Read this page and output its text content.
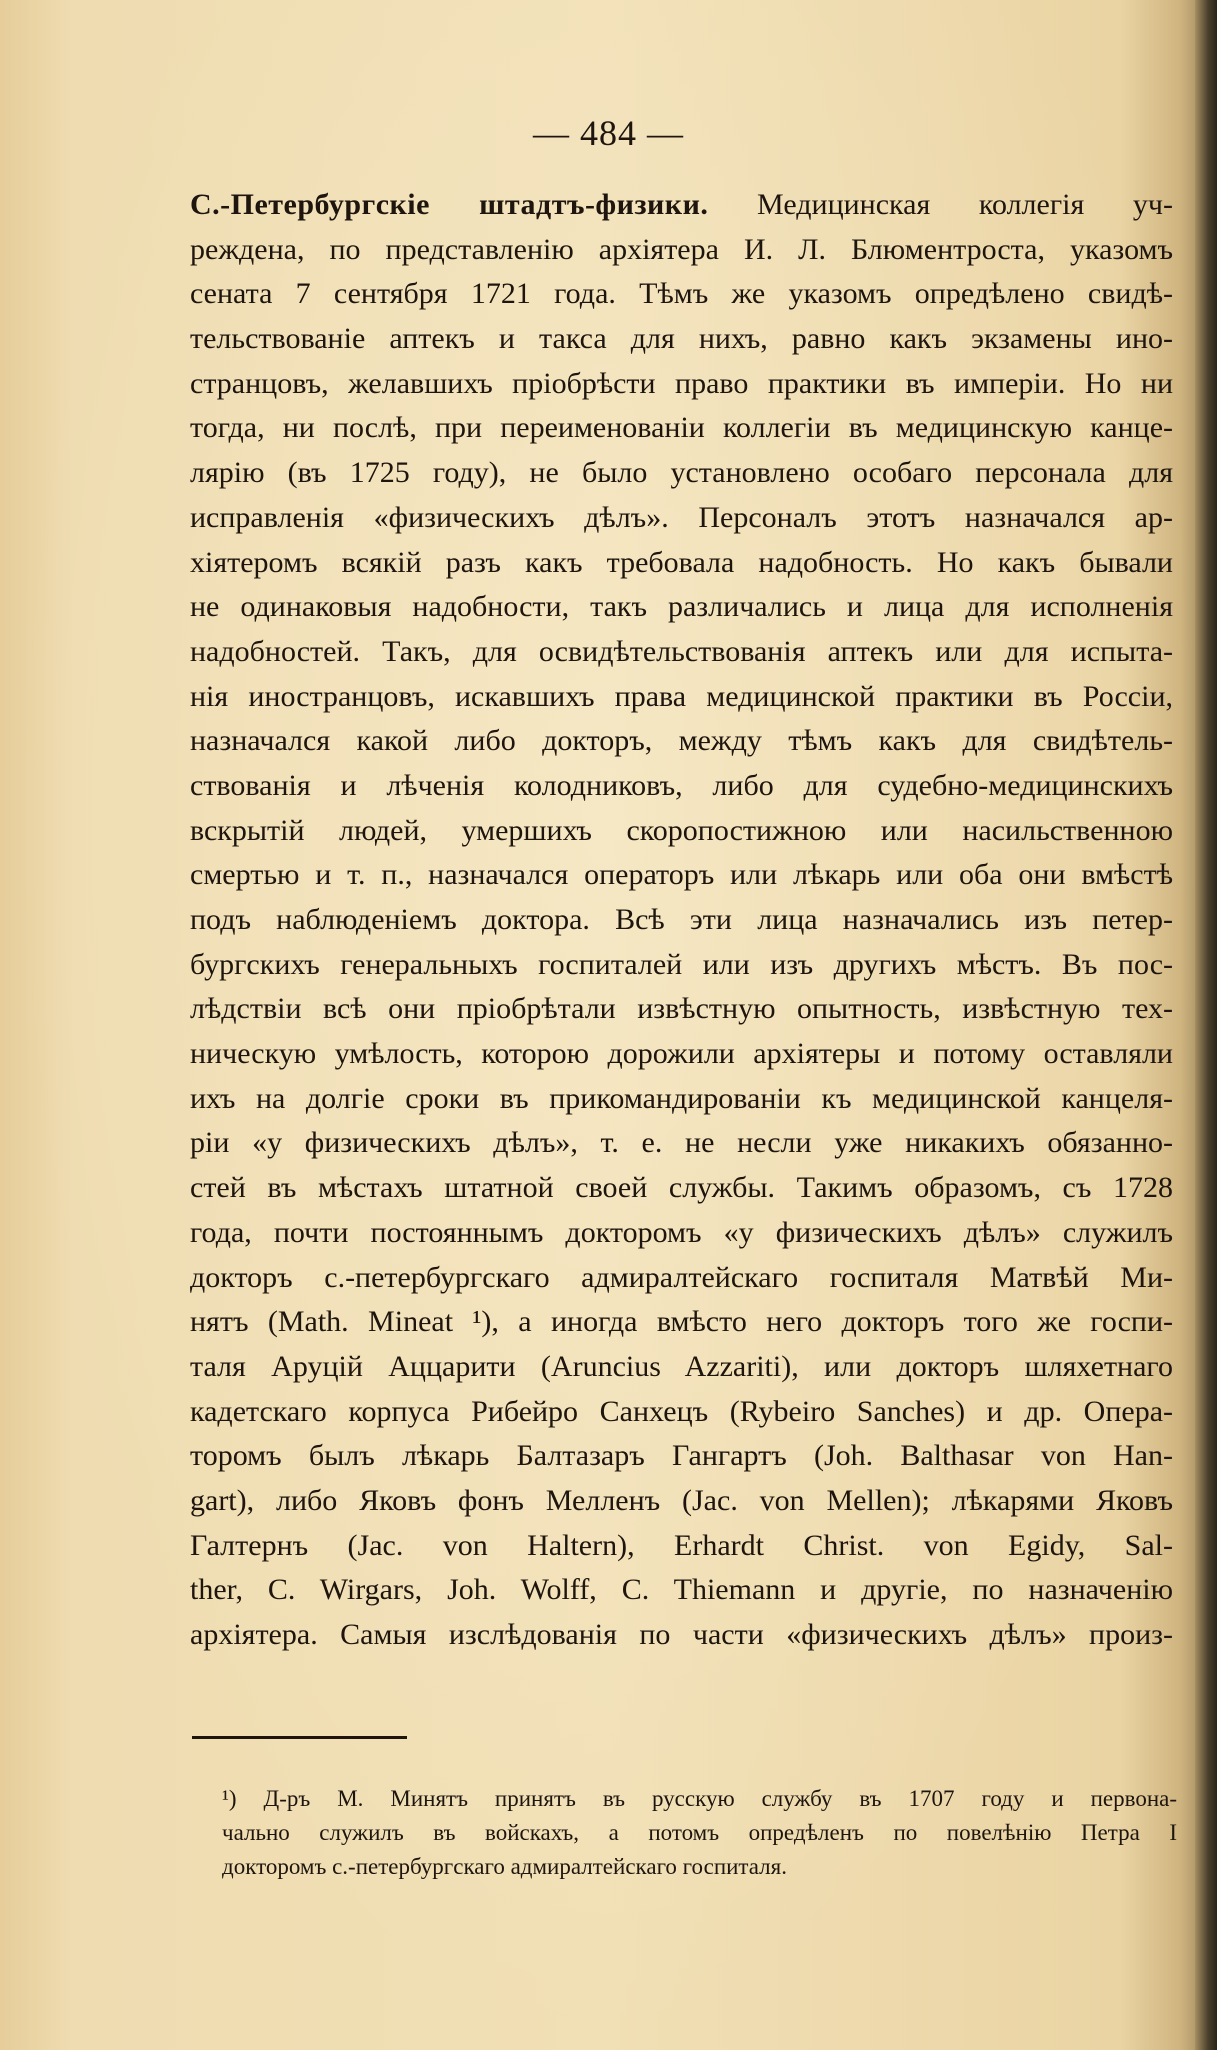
— 484 —
С.-Петербургскіе штадтъ-физики. Медицинская коллегія уч-
реждена, по представленію архіятера И. Л. Блюментроста, указомъ
сената 7 сентября 1721 года. Тѣмъ же указомъ опредѣлено свидѣ-
тельствованіе аптекъ и такса для нихъ, равно какъ экзамены ино-
странцовъ, желавшихъ пріобрѣсти право практики въ имперіи. Но ни
тогда, ни послѣ, при переименованіи коллегіи въ медицинскую канце-
лярію (въ 1725 году), не было установлено особаго персонала для
исправленія «физическихъ дѣлъ». Персоналъ этотъ назначался ар-
хіятеромъ всякій разъ какъ требовала надобность. Но какъ бывали
не одинаковыя надобности, такъ различались и лица для исполненія
надобностей. Такъ, для освидѣтельствованія аптекъ или для испыта-
нія иностранцовъ, искавшихъ права медицинской практики въ Россіи,
назначался какой либо докторъ, между тѣмъ какъ для свидѣтель-
ствованія и лѣченія колодниковъ, либо для судебно-медицинскихъ
вскрытій людей, умершихъ скоропостижною или насильственною
смертью и т. п., назначался операторъ или лѣкарь или оба они вмѣстѣ
подъ наблюденіемъ доктора. Всѣ эти лица назначались изъ петер-
бургскихъ генеральныхъ госпиталей или изъ другихъ мѣстъ. Въ пос-
лѣдствіи всѣ они пріобрѣтали извѣстную опытность, извѣстную тех-
ническую умѣлость, которою дорожили архіятеры и потому оставляли
ихъ на долгіе сроки въ прикомандированіи къ медицинской канцеля-
ріи «у физическихъ дѣлъ», т. е. не несли уже никакихъ обязанно-
стей въ мѣстахъ штатной своей службы. Такимъ образомъ, съ 1728
года, почти постояннымъ докторомъ «у физическихъ дѣлъ» служилъ
докторъ с.-петербургскаго адмиралтейскаго госпиталя Матвѣй Ми-
нятъ (Math. Mineat ¹), а иногда вмѣсто него докторъ того же госпи-
таля Аруцій Аццарити (Aruncius Azzariti), или докторъ шляхетнаго
кадетскаго корпуса Рибейро Санхецъ (Rybeiro Sanches) и др. Опера-
торомъ былъ лѣкарь Балтазаръ Гангартъ (Joh. Balthasar von Han-
gart), либо Яковъ фонъ Мелленъ (Jac. von Mellen); лѣкарями Яковъ
Галтернъ (Jac. von Haltern), Erhardt Christ. von Egidy, Sal-
ther, C. Wirgars, Joh. Wolff, C. Thiemann и другіе, по назначенію
архіятера. Самыя изслѣдованія по части «физическихъ дѣлъ» произ-
¹) Д-ръ М. Минятъ принятъ въ русскую службу въ 1707 году и первона-
чально служилъ въ войскахъ, а потомъ опредѣленъ по повелѣнію Петра I
докторомъ с.-петербургскаго адмиралтейскаго госпиталя.
